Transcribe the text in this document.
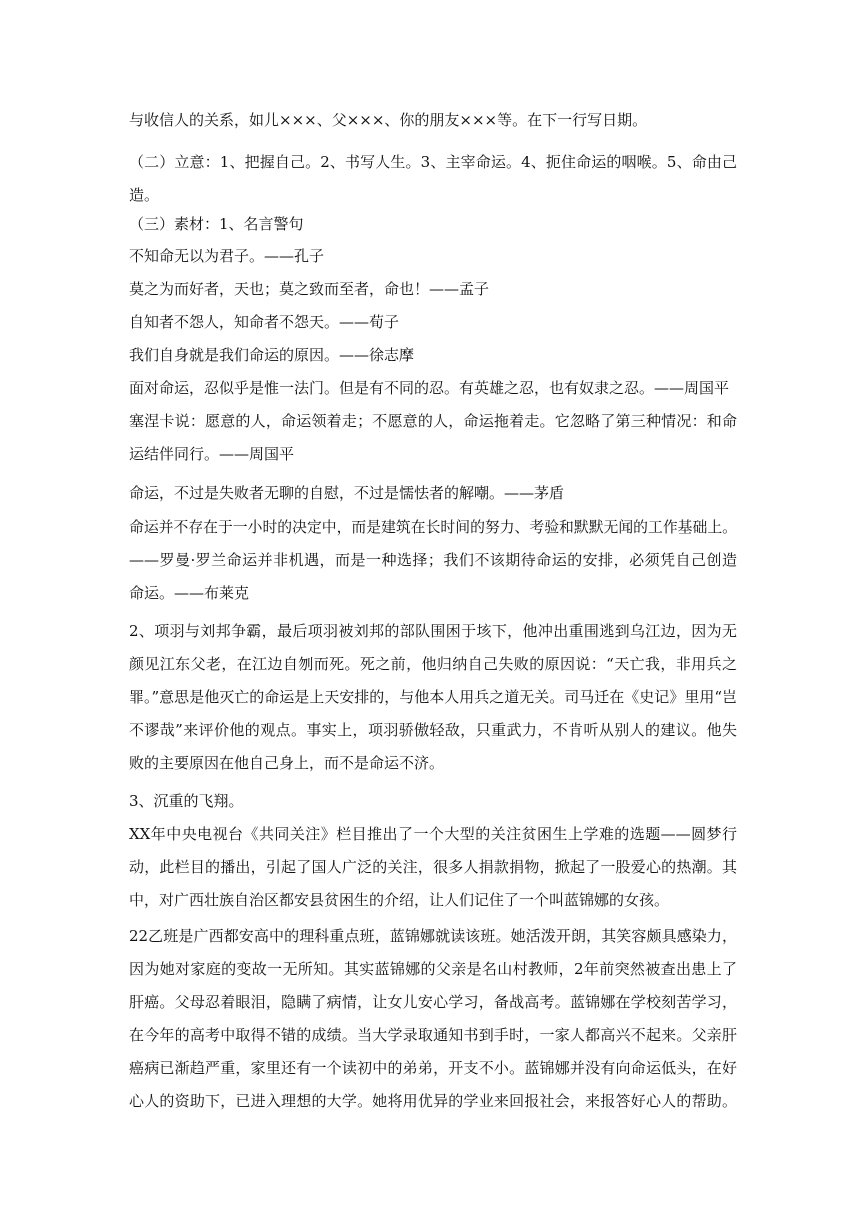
与收信人的关系，如儿×××、父×××、你的朋友×××等。在下一行写日期。
（二）立意：1、把握自己。2、书写人生。3、主宰命运。4、扼住命运的咽喉。5、命由己
造。
（三）素材：1、名言警句
不知命无以为君子。——孔子
莫之为而好者，天也；莫之致而至者，命也！——孟子
自知者不怨人，知命者不怨天。——荀子
我们自身就是我们命运的原因。——徐志摩
面对命运，忍似乎是惟一法门。但是有不同的忍。有英雄之忍，也有奴隶之忍。——周国平
塞涅卡说：愿意的人，命运领着走；不愿意的人，命运拖着走。它忽略了第三种情况：和命
运结伴同行。——周国平
命运，不过是失败者无聊的自慰，不过是懦怯者的解嘲。——茅盾
命运并不存在于一小时的决定中，而是建筑在长时间的努力、考验和默默无闻的工作基础上。
——罗曼·罗兰命运并非机遇，而是一种选择；我们不该期待命运的安排，必须凭自己创造
命运。——布莱克
2、项羽与刘邦争霸，最后项羽被刘邦的部队围困于垓下，他冲出重围逃到乌江边，因为无
颜见江东父老，在江边自刎而死。死之前，他归纳自己失败的原因说：“天亡我，非用兵之
罪。”意思是他灭亡的命运是上天安排的，与他本人用兵之道无关。司马迁在《史记》里用“岂
不谬哉”来评价他的观点。事实上，项羽骄傲轻敌，只重武力，不肯听从别人的建议。他失
败的主要原因在他自己身上，而不是命运不济。
3、沉重的飞翔。
XX年中央电视台《共同关注》栏目推出了一个大型的关注贫困生上学难的选题——圆梦行
动，此栏目的播出，引起了国人广泛的关注，很多人捐款捐物，掀起了一股爱心的热潮。其
中，对广西壮族自治区都安县贫困生的介绍，让人们记住了一个叫蓝锦娜的女孩。
22乙班是广西都安高中的理科重点班，蓝锦娜就读该班。她活泼开朗，其笑容颇具感染力，
因为她对家庭的变故一无所知。其实蓝锦娜的父亲是名山村教师，2年前突然被查出患上了
肝癌。父母忍着眼泪，隐瞒了病情，让女儿安心学习，备战高考。蓝锦娜在学校刻苦学习，
在今年的高考中取得不错的成绩。当大学录取通知书到手时，一家人都高兴不起来。父亲肝
癌病已渐趋严重，家里还有一个读初中的弟弟，开支不小。蓝锦娜并没有向命运低头，在好
心人的资助下，已进入理想的大学。她将用优异的学业来回报社会，来报答好心人的帮助。
